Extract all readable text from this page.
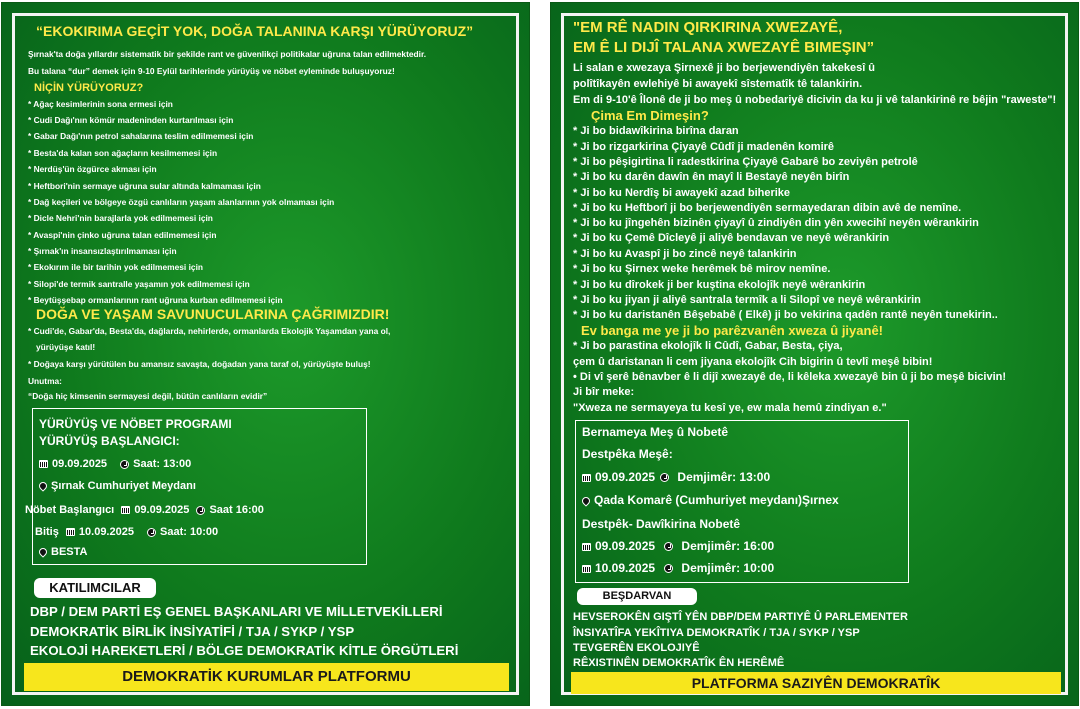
“EKOKIRIMA GEÇİT YOK, DOĞA TALANINA KARŞI YÜRÜYORUZ”
Şırnak'ta doğa yıllardır sistematik bir şekilde rant ve güvenlikçi politikalar uğruna talan edilmektedir.
Bu talana “dur” demek için 9-10 Eylül tarihlerinde yürüyüş ve nöbet eyleminde buluşuyoruz!
NİÇİN YÜRÜYORUZ?
* Ağaç kesimlerinin sona ermesi için
* Cudi Dağı'nın kömür madeninden kurtarılması için
* Gabar Dağı'nın petrol sahalarına teslim edilmemesi için
* Besta'da kalan son ağaçların kesilmemesi için
* Nerdüş'ün özgürce akması için
* Heftbori'nin sermaye uğruna sular altında kalmaması için
* Dağ keçileri ve bölgeye özgü canlıların yaşam alanlarının yok olmaması için
* Dicle Nehri'nin barajlarla yok edilmemesi için
* Avaspi'nin çinko uğruna talan edilmemesi için
* Şırnak'ın insansızlaştırılmaması için
* Ekokırım ile bir tarihin yok edilmemesi için
* Silopi'de termik santralle yaşamın yok edilmemesi için
* Beytüşşebap ormanlarının rant uğruna kurban edilmemesi için
DOĞA VE YAŞAM SAVUNUCULARINA ÇAĞRIMIZDIR!
* Cudi'de, Gabar'da, Besta'da, dağlarda, nehirlerde, ormanlarda Ekolojik Yaşamdan yana ol,
yürüyüşe katıl!
* Doğaya karşı yürütülen bu amansız savaşta, doğadan yana taraf ol, yürüyüşte buluş!
Unutma:
“Doğa hiç kimsenin sermayesi değil, bütün canlıların evidir”
YÜRÜYÜŞ VE NÖBET PROGRAMI
YÜRÜYÜŞ BAŞLANGICI:
09.09.2025 Saat: 13:00
Şırnak Cumhuriyet Meydanı
Nöbet Başlangıcı 09.09.2025 Saat 16:00
Bitiş 10.09.2025 Saat: 10:00
BESTA
KATILIMCILAR
DBP / DEM PARTİ EŞ GENEL BAŞKANLARI VE MİLLETVEKİLLERİ
DEMOKRATİK BİRLİK İNSİYATİFİ / TJA / SYKP / YSP
EKOLOJİ HAREKETLERİ / BÖLGE DEMOKRATİK KİTLE ÖRGÜTLERİ
DEMOKRATİK KURUMLAR PLATFORMU
"EM RÊ NADIN QIRKIRINA XWEZAYÊ,
EM Ê LI DIJÎ TALANA XWEZAYÊ BIMEŞIN”
Li salan e xwezaya Şirnexê ji bo berjewendiyên takekesî û
polîtîkayên ewlehiyê bi awayekî sîstematîk tê talankirin.
Em di 9-10'ê Îlonê de ji bo meş û nobedariyê dicivin da ku ji vê talankirinê re bêjin "raweste"!
Çima Em Dimeşin?
* Ji bo bidawîkirina birîna daran
* Ji bo rizgarkirina Çiyayê Cûdî ji madenên komirê
* Ji bo pêşigirtina li radestkirina Çiyayê Gabarê bo zeviyên petrolê
* Ji bo ku darên dawîn ên mayî li Bestayê neyên birîn
* Ji bo ku Nerdîş bi awayekî azad biherike
* Ji bo ku Heftborî ji bo berjewendiyên sermayedaran dibin avê de nemîne.
* Ji bo ku jîngehên bizinên çiyayî û zindiyên din yên xwecihî neyên wêrankirin
* Ji bo ku Çemê Dîcleyê ji aliyê bendavan ve neyê wêrankirin
* Ji bo ku Avaspî ji bo zincê neyê talankirin
* Ji bo ku Şirnex weke herêmek bê mirov nemîne.
* Ji bo ku dîrokek ji ber kuştina ekolojîk neyê wêrankirin
* Ji bo ku jiyan ji aliyê santrala termîk a li Silopî ve neyê wêrankirin
* Ji bo ku daristanên Bêşebabê ( Elkê) ji bo vekirina qadên rantê neyên tunekirin..
Ev banga me ye ji bo parêzvanên xweza û jiyanê!
* Ji bo parastina ekolojîk li Cûdî, Gabar, Besta, çiya,
çem û daristanan li cem jiyana ekolojîk Cih bigirin û tevlî meşê bibin!
• Di vî şerê bênavber ê li dijî xwezayê de, li kêleka xwezayê bin û ji bo meşê bicivin!
Ji bîr meke:
"Xweza ne sermayeya tu kesî ye, ew mala hemû zindiyan e."
Bernameya Meş û Nobetê
Destpêka Meşê:
09.09.2025 Demjimêr: 13:00
Qada Komarê (Cumhuriyet meydanı)Şırnex
Destpêk- Dawîkirina Nobetê
09.09.2025 Demjimêr: 16:00
10.09.2025 Demjimêr: 10:00
BEŞDARVAN
HEVSEROKÊN GIŞTÎ YÊN DBP/DEM PARTIYÊ Û PARLEMENTER
ÎNSIYATÎFA YEKÎTIYA DEMOKRATÎK / TJA / SYKP / YSP
TEVGERÊN EKOLOJIYÊ
RÊXISTINÊN DEMOKRATÎK ÊN HERÊMÊ
PLATFORMA SAZIYÊN DEMOKRATÎK
